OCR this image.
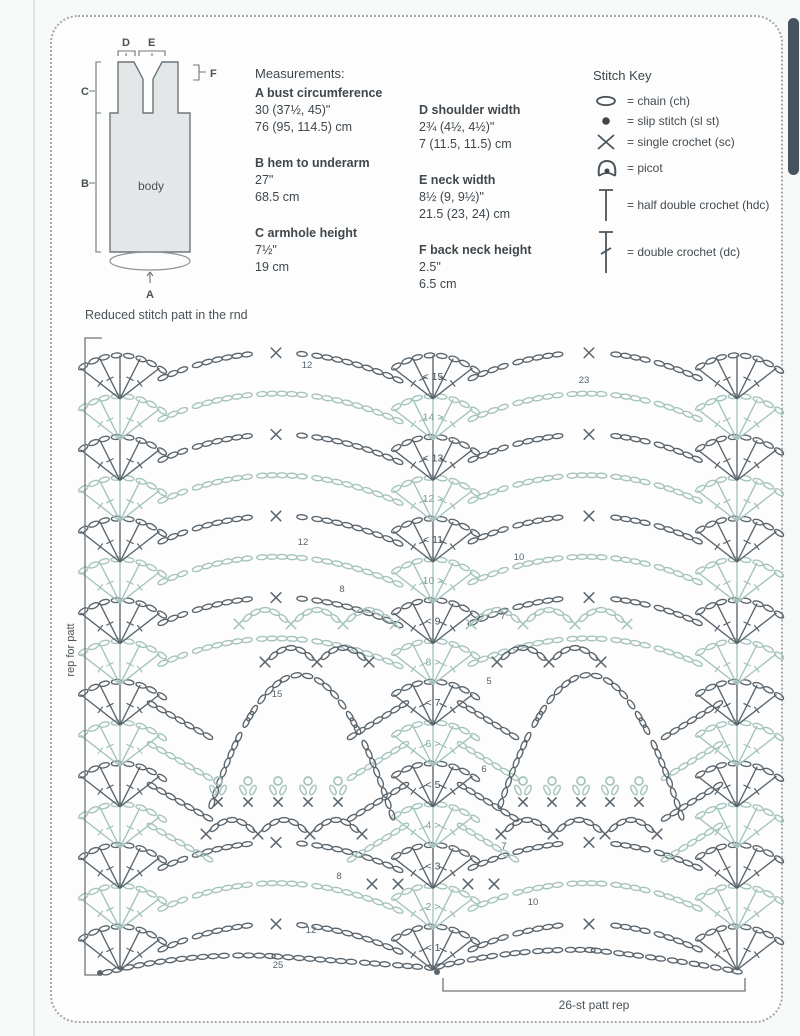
C
B
D E
F
A
body
Measurements:
A bust circumference
30 (37½, 45)"
76 (95, 114.5) cm
B hem to underarm
27"
68.5 cm
C armhole height
7½"
19 cm
D shoulder width
2¾ (4½, 4½)"
7 (11.5, 11.5) cm
E neck width
8½ (9, 9½)"
21.5 (23, 24) cm
F back neck height
2.5"
6.5 cm
Stitch Key
= chain (ch)
= slip stitch (sl st)
= single crochet (sc)
= picot
= half double crochet (hdc)
= double crochet (dc)
Reduced stitch patt in the rnd
< 1
2 >
< 3
4 >
< 5
6 >
< 7
8 >
< 9
10 >
< 11
12 >
< 13
14 >
< 15
12
23
12
8
10
7
15
5
6
7
8
10
12
25
rep for patt
26-st patt rep
